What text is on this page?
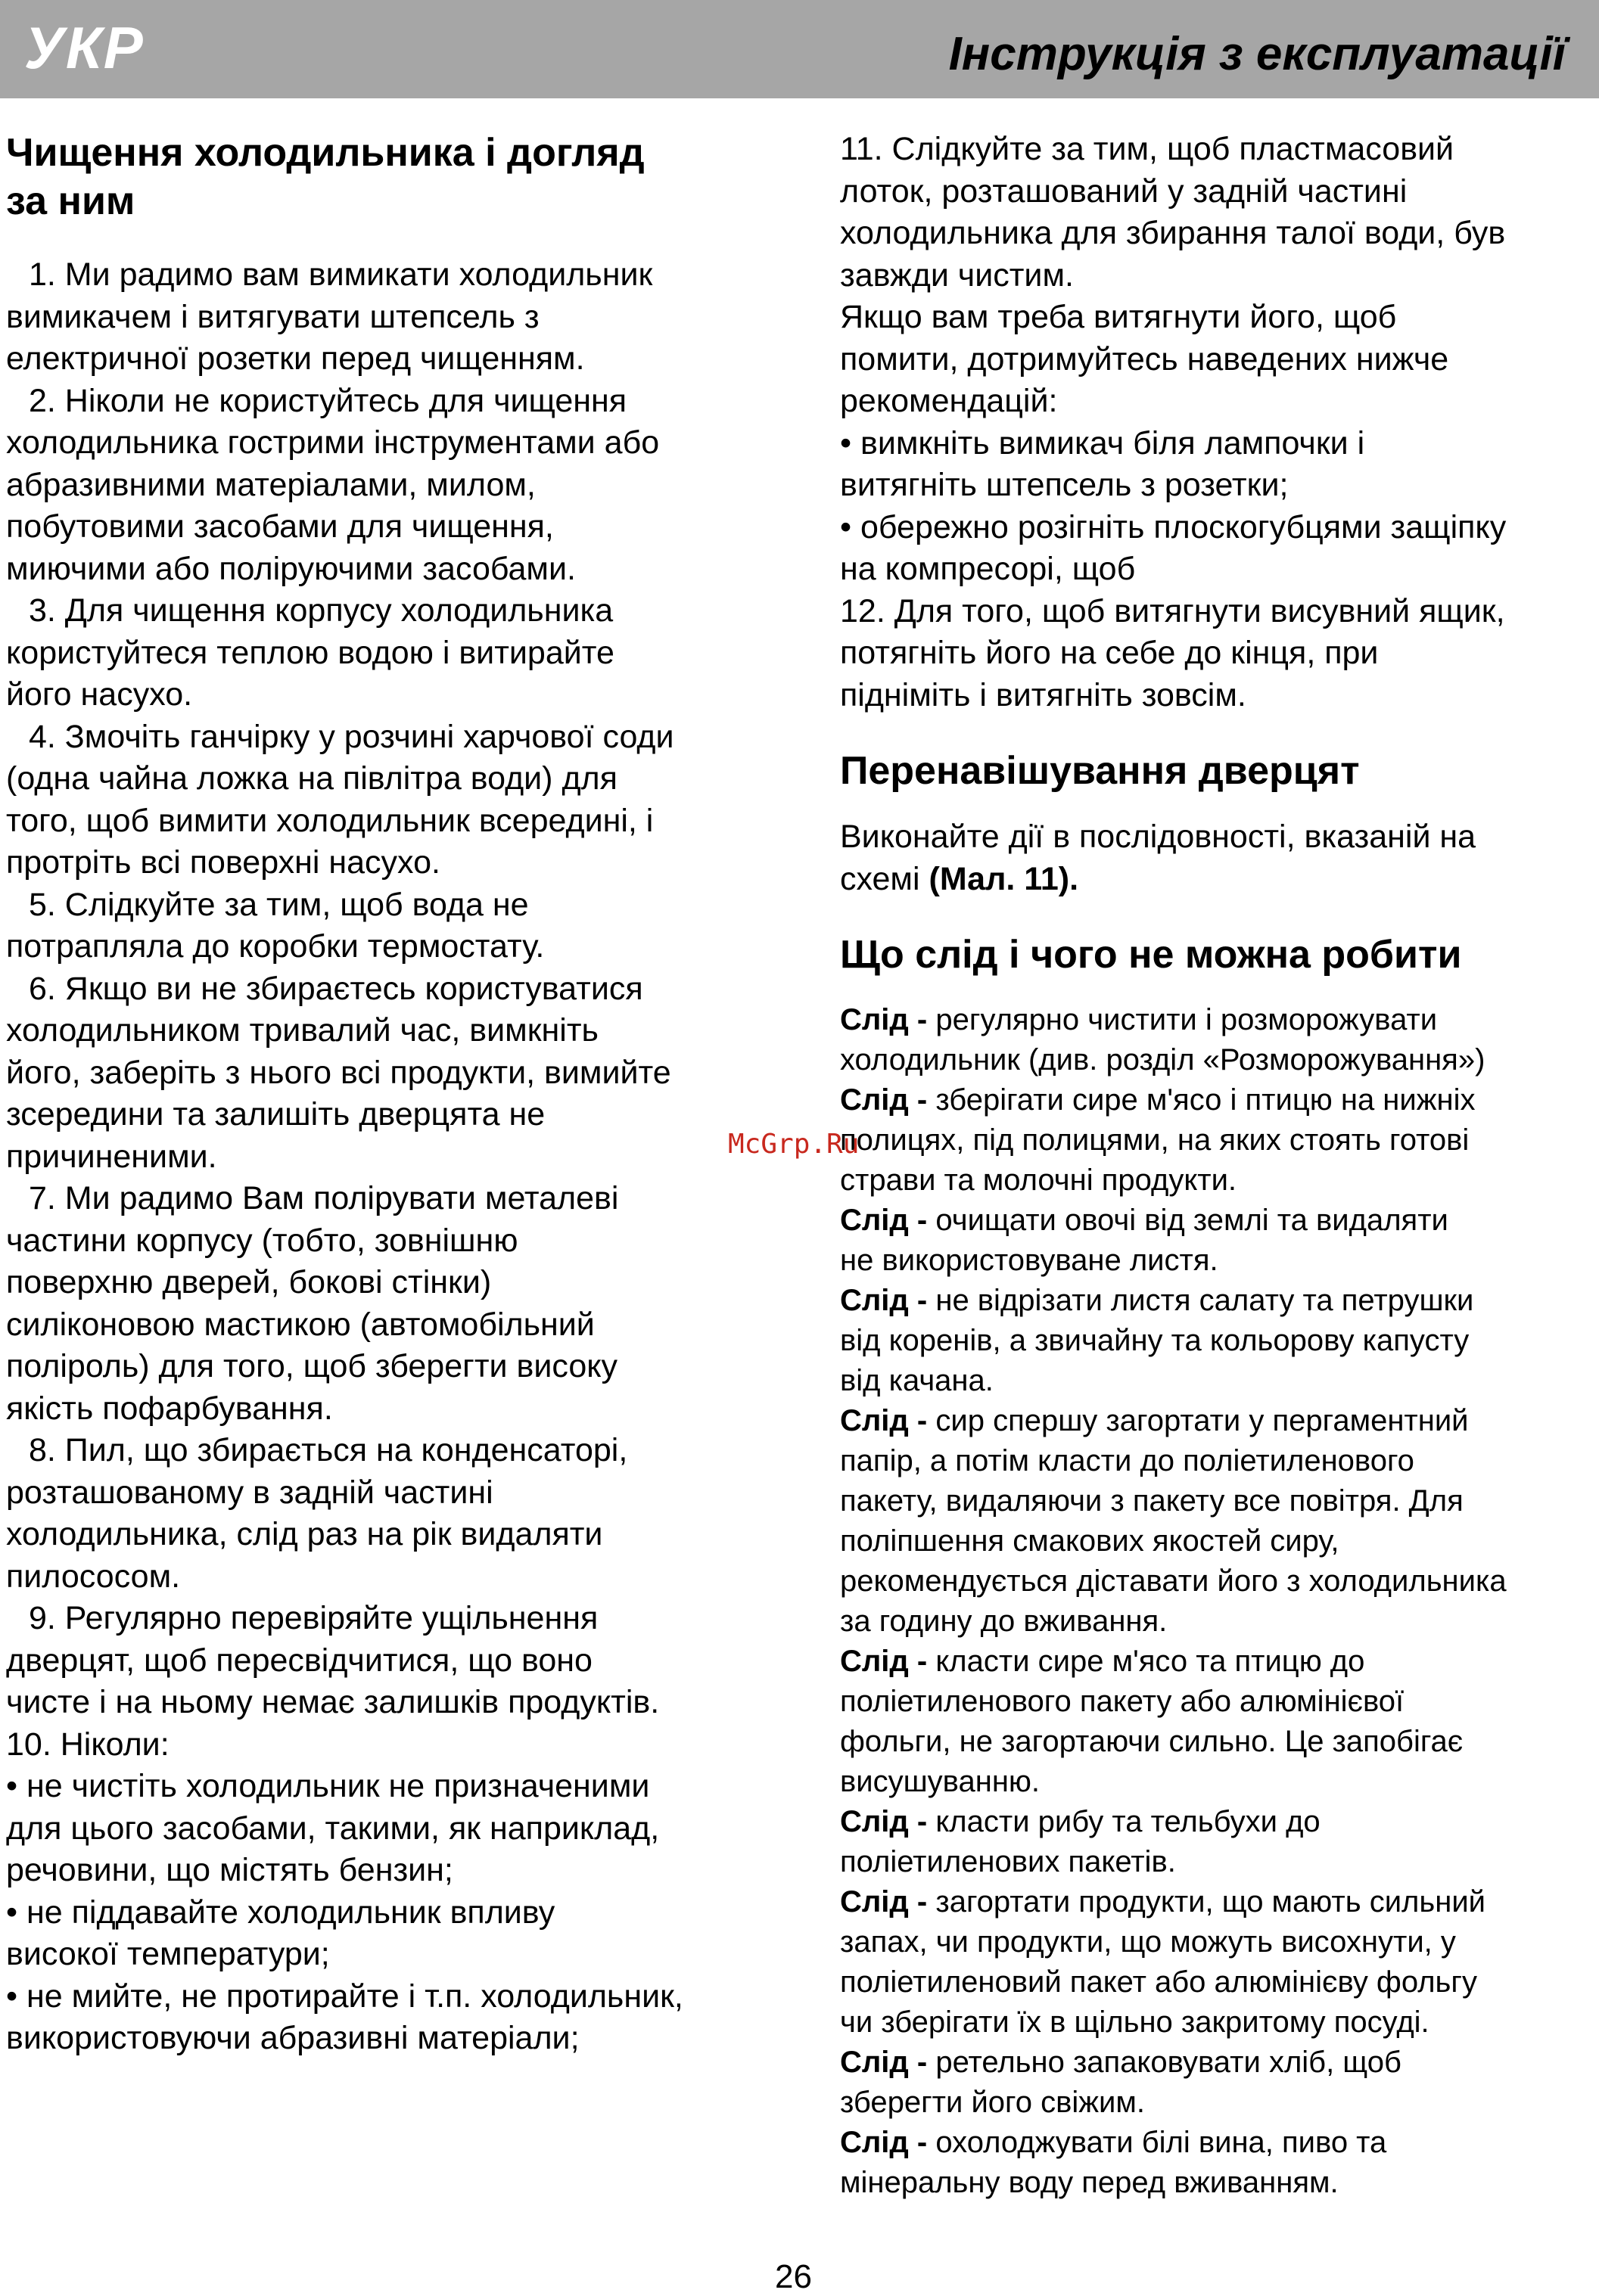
УКР	Інструкція з експлуатації
Чищення холодильника і догляд
за ним
1. Ми радимо вам вимикати холодильник
вимикачем і витягувати штепсель з
електричної розетки перед чищенням.
2. Ніколи не користуйтесь для чищення
холодильника гострими інструментами або
абразивними матеріалами, милом,
побутовими засобами для чищення,
миючими або поліруючими засобами.
3. Для чищення корпусу холодильника
користуйтеся теплою водою і витирайте
його насухо.
4. Змочіть ганчірку у розчині харчової соди
(одна чайна ложка на півлітра води) для
того, щоб вимити холодильник всередині, і
протріть всі поверхні насухо.
5. Слідкуйте за тим, щоб вода не
потрапляла до коробки термостату.
6. Якщо ви не збираєтесь користуватися
холодильником тривалий час, вимкніть
його, заберіть з нього всі продукти, вимийте
зсередини та залишіть дверцята не
причиненими.
7. Ми радимо Вам полірувати металеві
частини корпусу (тобто, зовнішню
поверхню дверей, бокові стінки)
силіконовою мастикою (автомобільний
поліроль) для того, щоб зберегти високу
якість пофарбування.
8. Пил, що збирається на конденсаторі,
розташованому в задній частині
холодильника, слід раз на рік видаляти
пилососом.
9. Регулярно перевіряйте ущільнення
дверцят, щоб пересвідчитися, що воно
чисте і на ньому немає залишків продуктів.
10. Ніколи:
• не чистіть холодильник не призначеними
для цього засобами, такими, як наприклад,
речовини, що містять бензин;
• не піддавайте холодильник впливу
високої температури;
• не мийте, не протирайте і т.п. холодильник,
використовуючи абразивні матеріали;
11. Слідкуйте за тим, щоб пластмасовий
лоток, розташований у задній частині
холодильника для збирання талої води, був
завжди чистим.
Якщо вам треба витягнути його, щоб
помити, дотримуйтесь наведених нижче
рекомендацій:
• вимкніть вимикач біля лампочки і
витягніть штепсель з розетки;
• обережно розігніть плоскогубцями защіпку
на компресорі, щоб
12. Для того, щоб витягнути висувний ящик,
потягніть його на себе до кінця, при
підніміть і витягніть зовсім.
Перенавішування дверцят
Виконайте дії в послідовності, вказаній на
схемі (Мал. 11).
Що слід і чого не можна робити
Слід - регулярно чистити і розморожувати
холодильник (див. розділ «Розморожування»)
Слід - зберігати сире м'ясо і птицю на нижніх
полицях, під полицями, на яких стоять готові
страви та молочні продукти.
Слід - очищати овочі від землі та видаляти
не використовуване листя.
Слід - не відрізати листя салату та петрушки
від коренів, а звичайну та кольорову капусту
від качана.
Слід - сир спершу загортати у пергаментний
папір, а потім класти до поліетиленового
пакету, видаляючи з пакету все повітря. Для
поліпшення смакових якостей сиру,
рекомендується діставати його з холодильника
за годину до вживання.
Слід - класти сире м'ясо та птицю до
поліетиленового пакету або алюмінієвої
фольги, не загортаючи сильно. Це запобігає
висушуванню.
Слід - класти рибу та тельбухи до
поліетиленових пакетів.
Слід - загортати продукти, що мають сильний
запах, чи продукти, що можуть висохнути, у
поліетиленовий пакет або алюмінієву фольгу
чи зберігати їх в щільно закритому посуді.
Слід - ретельно запаковувати хліб, щоб
зберегти його свіжим.
Слід - охолоджувати білі вина, пиво та
мінеральну воду перед вживанням.
McGrp.Ru
26
